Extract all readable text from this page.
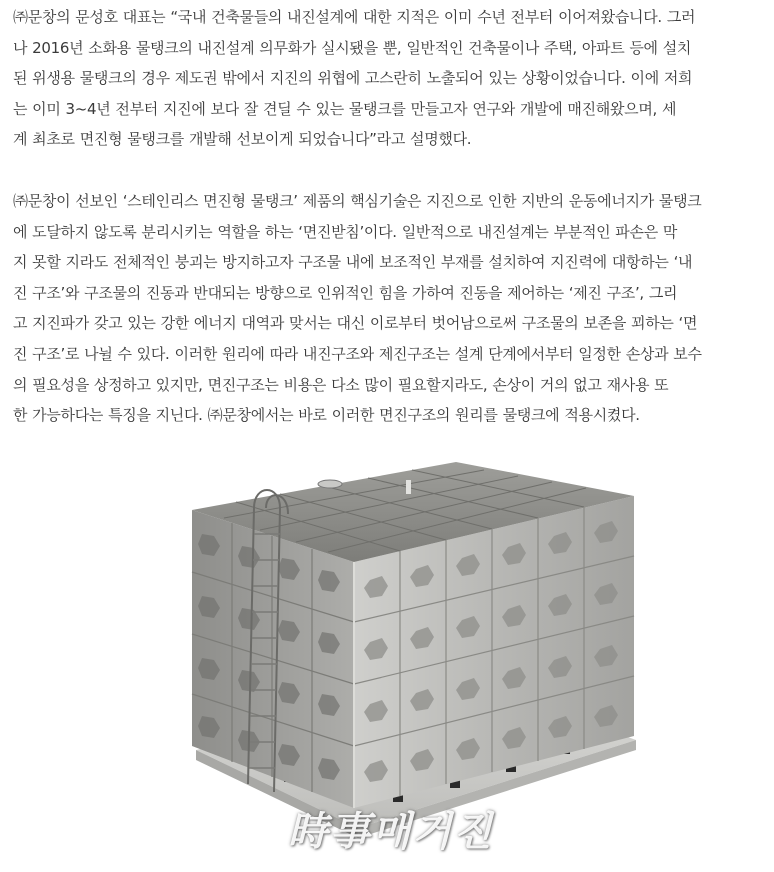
㈜문창의 문성호 대표는 “국내 건축물들의 내진설계에 대한 지적은 이미 수년 전부터 이어져왔습니다. 그러
나 2016년 소화용 물탱크의 내진설계 의무화가 실시됐을 뿐, 일반적인 건축물이나 주택, 아파트 등에 설치
된 위생용 물탱크의 경우 제도권 밖에서 지진의 위협에 고스란히 노출되어 있는 상황이었습니다. 이에 저희
는 이미 3~4년 전부터 지진에 보다 잘 견딜 수 있는 물탱크를 만들고자 연구와 개발에 매진해왔으며, 세
계 최초로 면진형 물탱크를 개발해 선보이게 되었습니다”라고 설명했다.
㈜문창이 선보인 ‘스테인리스 면진형 물탱크’ 제품의 핵심기술은 지진으로 인한 지반의 운동에너지가 물탱크
에 도달하지 않도록 분리시키는 역할을 하는 ‘면진받침’이다. 일반적으로 내진설계는 부분적인 파손은 막
지 못할 지라도 전체적인 붕괴는 방지하고자 구조물 내에 보조적인 부재를 설치하여 지진력에 대항하는 ‘내
진 구조’와 구조물의 진동과 반대되는 방향으로 인위적인 힘을 가하여 진동을 제어하는 ‘제진 구조’, 그리
고 지진파가 갖고 있는 강한 에너지 대역과 맞서는 대신 이로부터 벗어남으로써 구조물의 보존을 꾀하는 ‘면
진 구조’로 나뉠 수 있다. 이러한 원리에 따라 내진구조와 제진구조는 설계 단계에서부터 일정한 손상과 보수
의 필요성을 상정하고 있지만, 면진구조는 비용은 다소 많이 필요할지라도, 손상이 거의 없고 재사용 또
한 가능하다는 특징을 지닌다. ㈜문창에서는 바로 이러한 면진구조의 원리를 물탱크에 적용시켰다.
時事매거진
